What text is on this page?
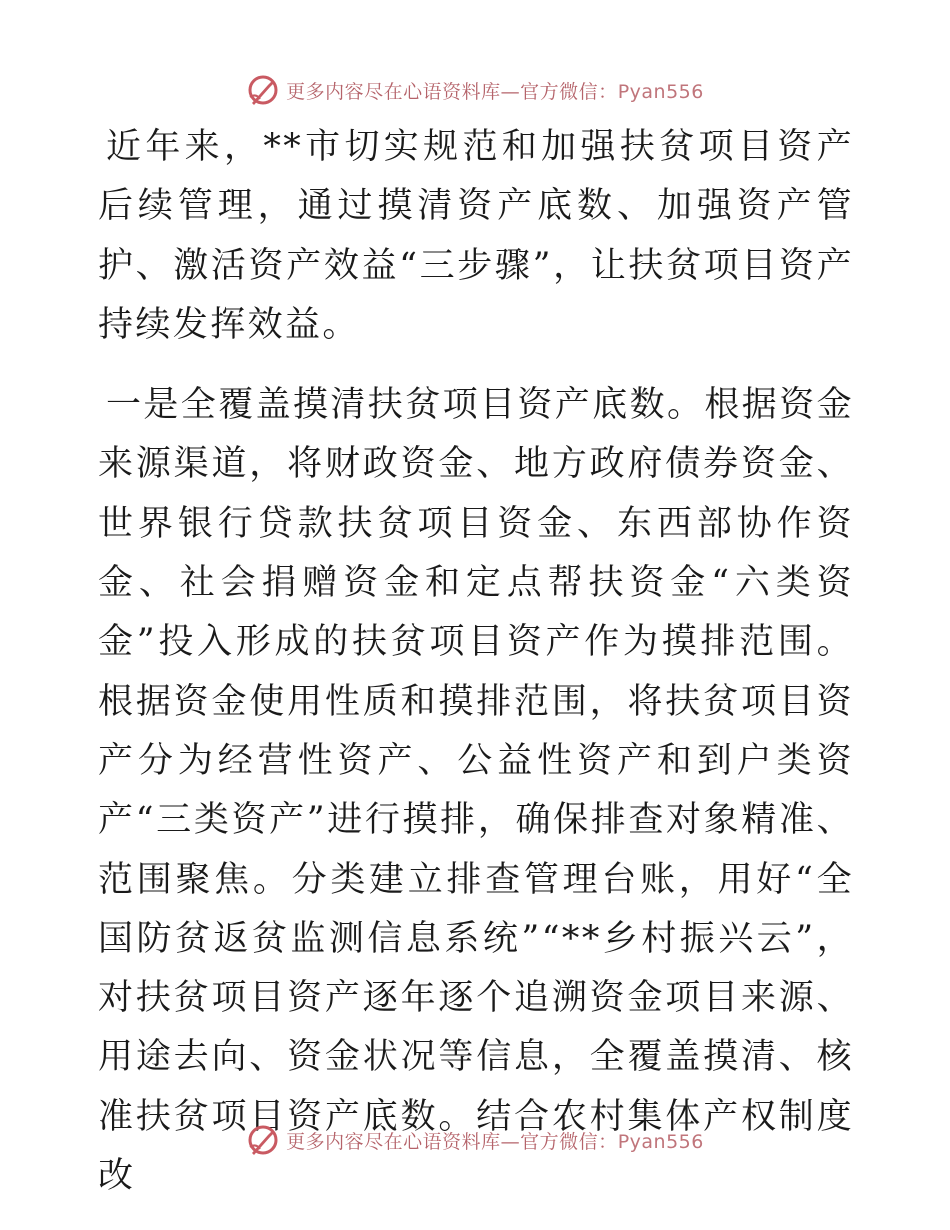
更多内容尽在心语资料库—官方微信：Pyan556

近年来，**市切实规范和加强扶贫项目资产后续管理，通过摸清资产底数、加强资产管护、激活资产效益“三步骤”，让扶贫项目资产持续发挥效益。

一是全覆盖摸清扶贫项目资产底数。根据资金来源渠道，将财政资金、地方政府债券资金、世界银行贷款扶贫项目资金、东西部协作资金、社会捐赠资金和定点帮扶资金“六类资金”投入形成的扶贫项目资产作为摸排范围。根据资金使用性质和摸排范围，将扶贫项目资产分为经营性资产、公益性资产和到户类资产“三类资产”进行摸排，确保排查对象精准、范围聚焦。分类建立排查管理台账，用好“全国防贫返贫监测信息系统”“**乡村振兴云”，对扶贫项目资产逐年逐个追溯资金项目来源、用途去向、资金状况等信息，全覆盖摸清、核准扶贫项目资产底数。结合农村集体产权制度改

更多内容尽在心语资料库—官方微信：Pyan556
